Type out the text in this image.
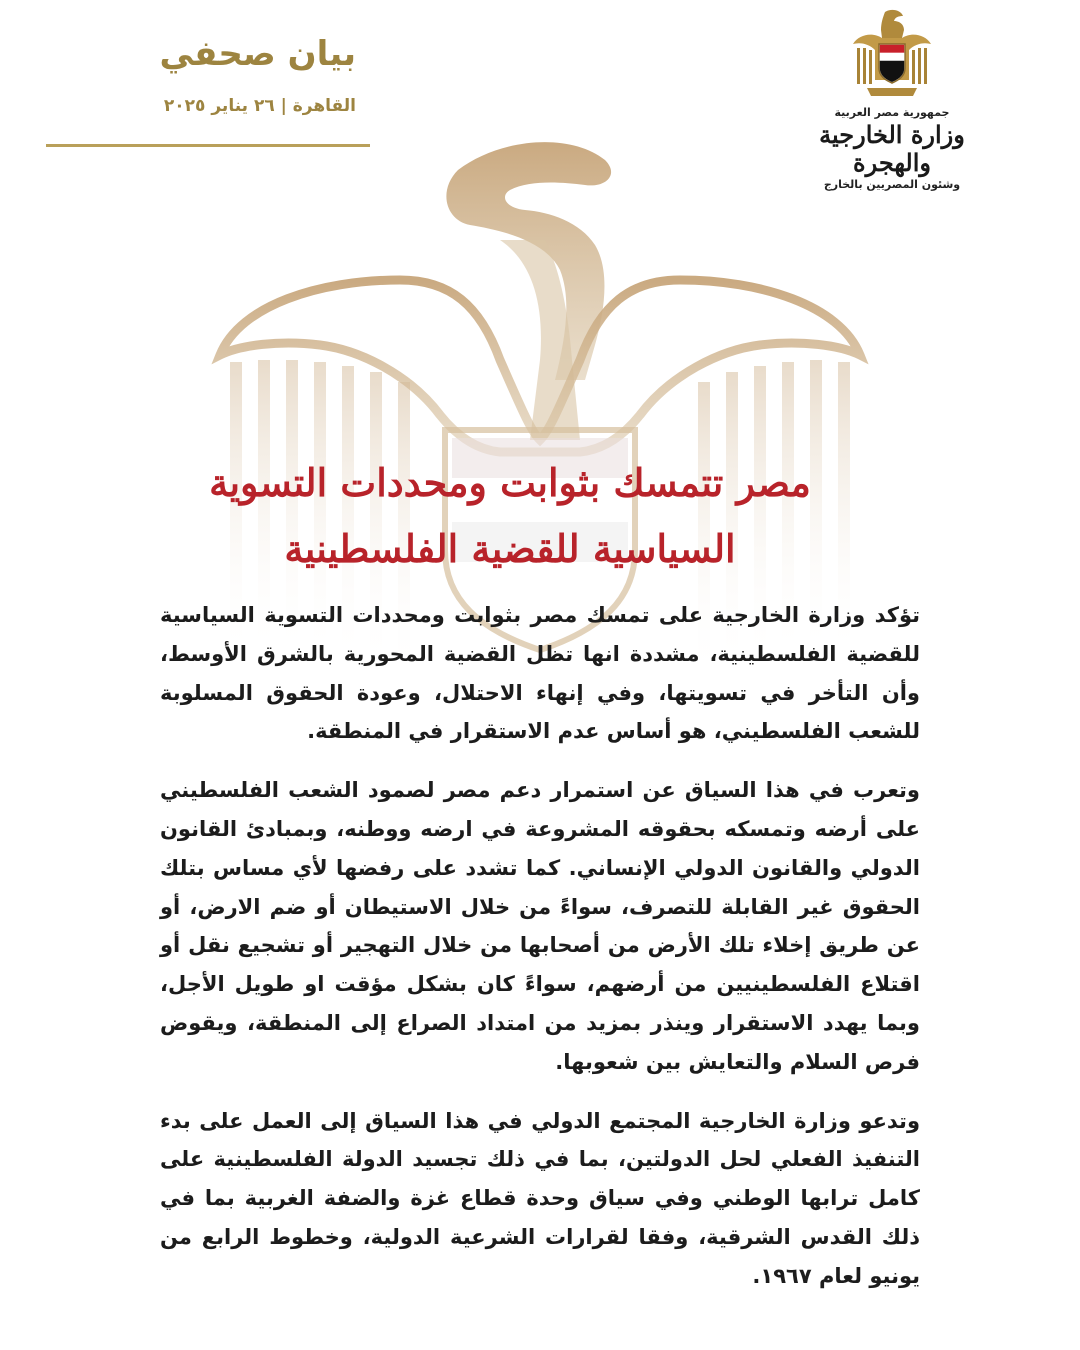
جمهورية مصر العربية
وزارة الخارجية والهجرة
وشئون المصريين بالخارج
بيان صحفي
القاهرة | ٢٦ يناير ٢٠٢٥
مصر تتمسك بثوابت ومحددات التسوية
السياسية للقضية الفلسطينية

تؤكد وزارة الخارجية على تمسك مصر بثوابت ومحددات التسوية السياسية للقضية الفلسطينية، مشددة انها تظل القضية المحورية بالشرق الأوسط، وأن التأخر في تسويتها، وفي إنهاء الاحتلال، وعودة الحقوق المسلوبة للشعب الفلسطيني، هو أساس عدم الاستقرار في المنطقة.

وتعرب في هذا السياق عن استمرار دعم مصر لصمود الشعب الفلسطيني على أرضه وتمسكه بحقوقه المشروعة في ارضه ووطنه، وبمبادئ القانون الدولي والقانون الدولي الإنساني. كما تشدد على رفضها لأي مساس بتلك الحقوق غير القابلة للتصرف، سواءً من خلال الاستيطان أو ضم الارض، أو عن طريق إخلاء تلك الأرض من أصحابها من خلال التهجير أو تشجيع نقل أو اقتلاع الفلسطينيين من أرضهم، سواءً كان بشكل مؤقت او طويل الأجل، وبما يهدد الاستقرار وينذر بمزيد من امتداد الصراع إلى المنطقة، ويقوض فرص السلام والتعايش بين شعوبها.

وتدعو وزارة الخارجية المجتمع الدولي في هذا السياق إلى العمل على بدء التنفيذ الفعلي لحل الدولتين، بما في ذلك تجسيد الدولة الفلسطينية على كامل ترابها الوطني وفي سياق وحدة قطاع غزة والضفة الغربية بما في ذلك القدس الشرقية، وفقا لقرارات الشرعية الدولية، وخطوط الرابع من يونيو لعام ١٩٦٧.
